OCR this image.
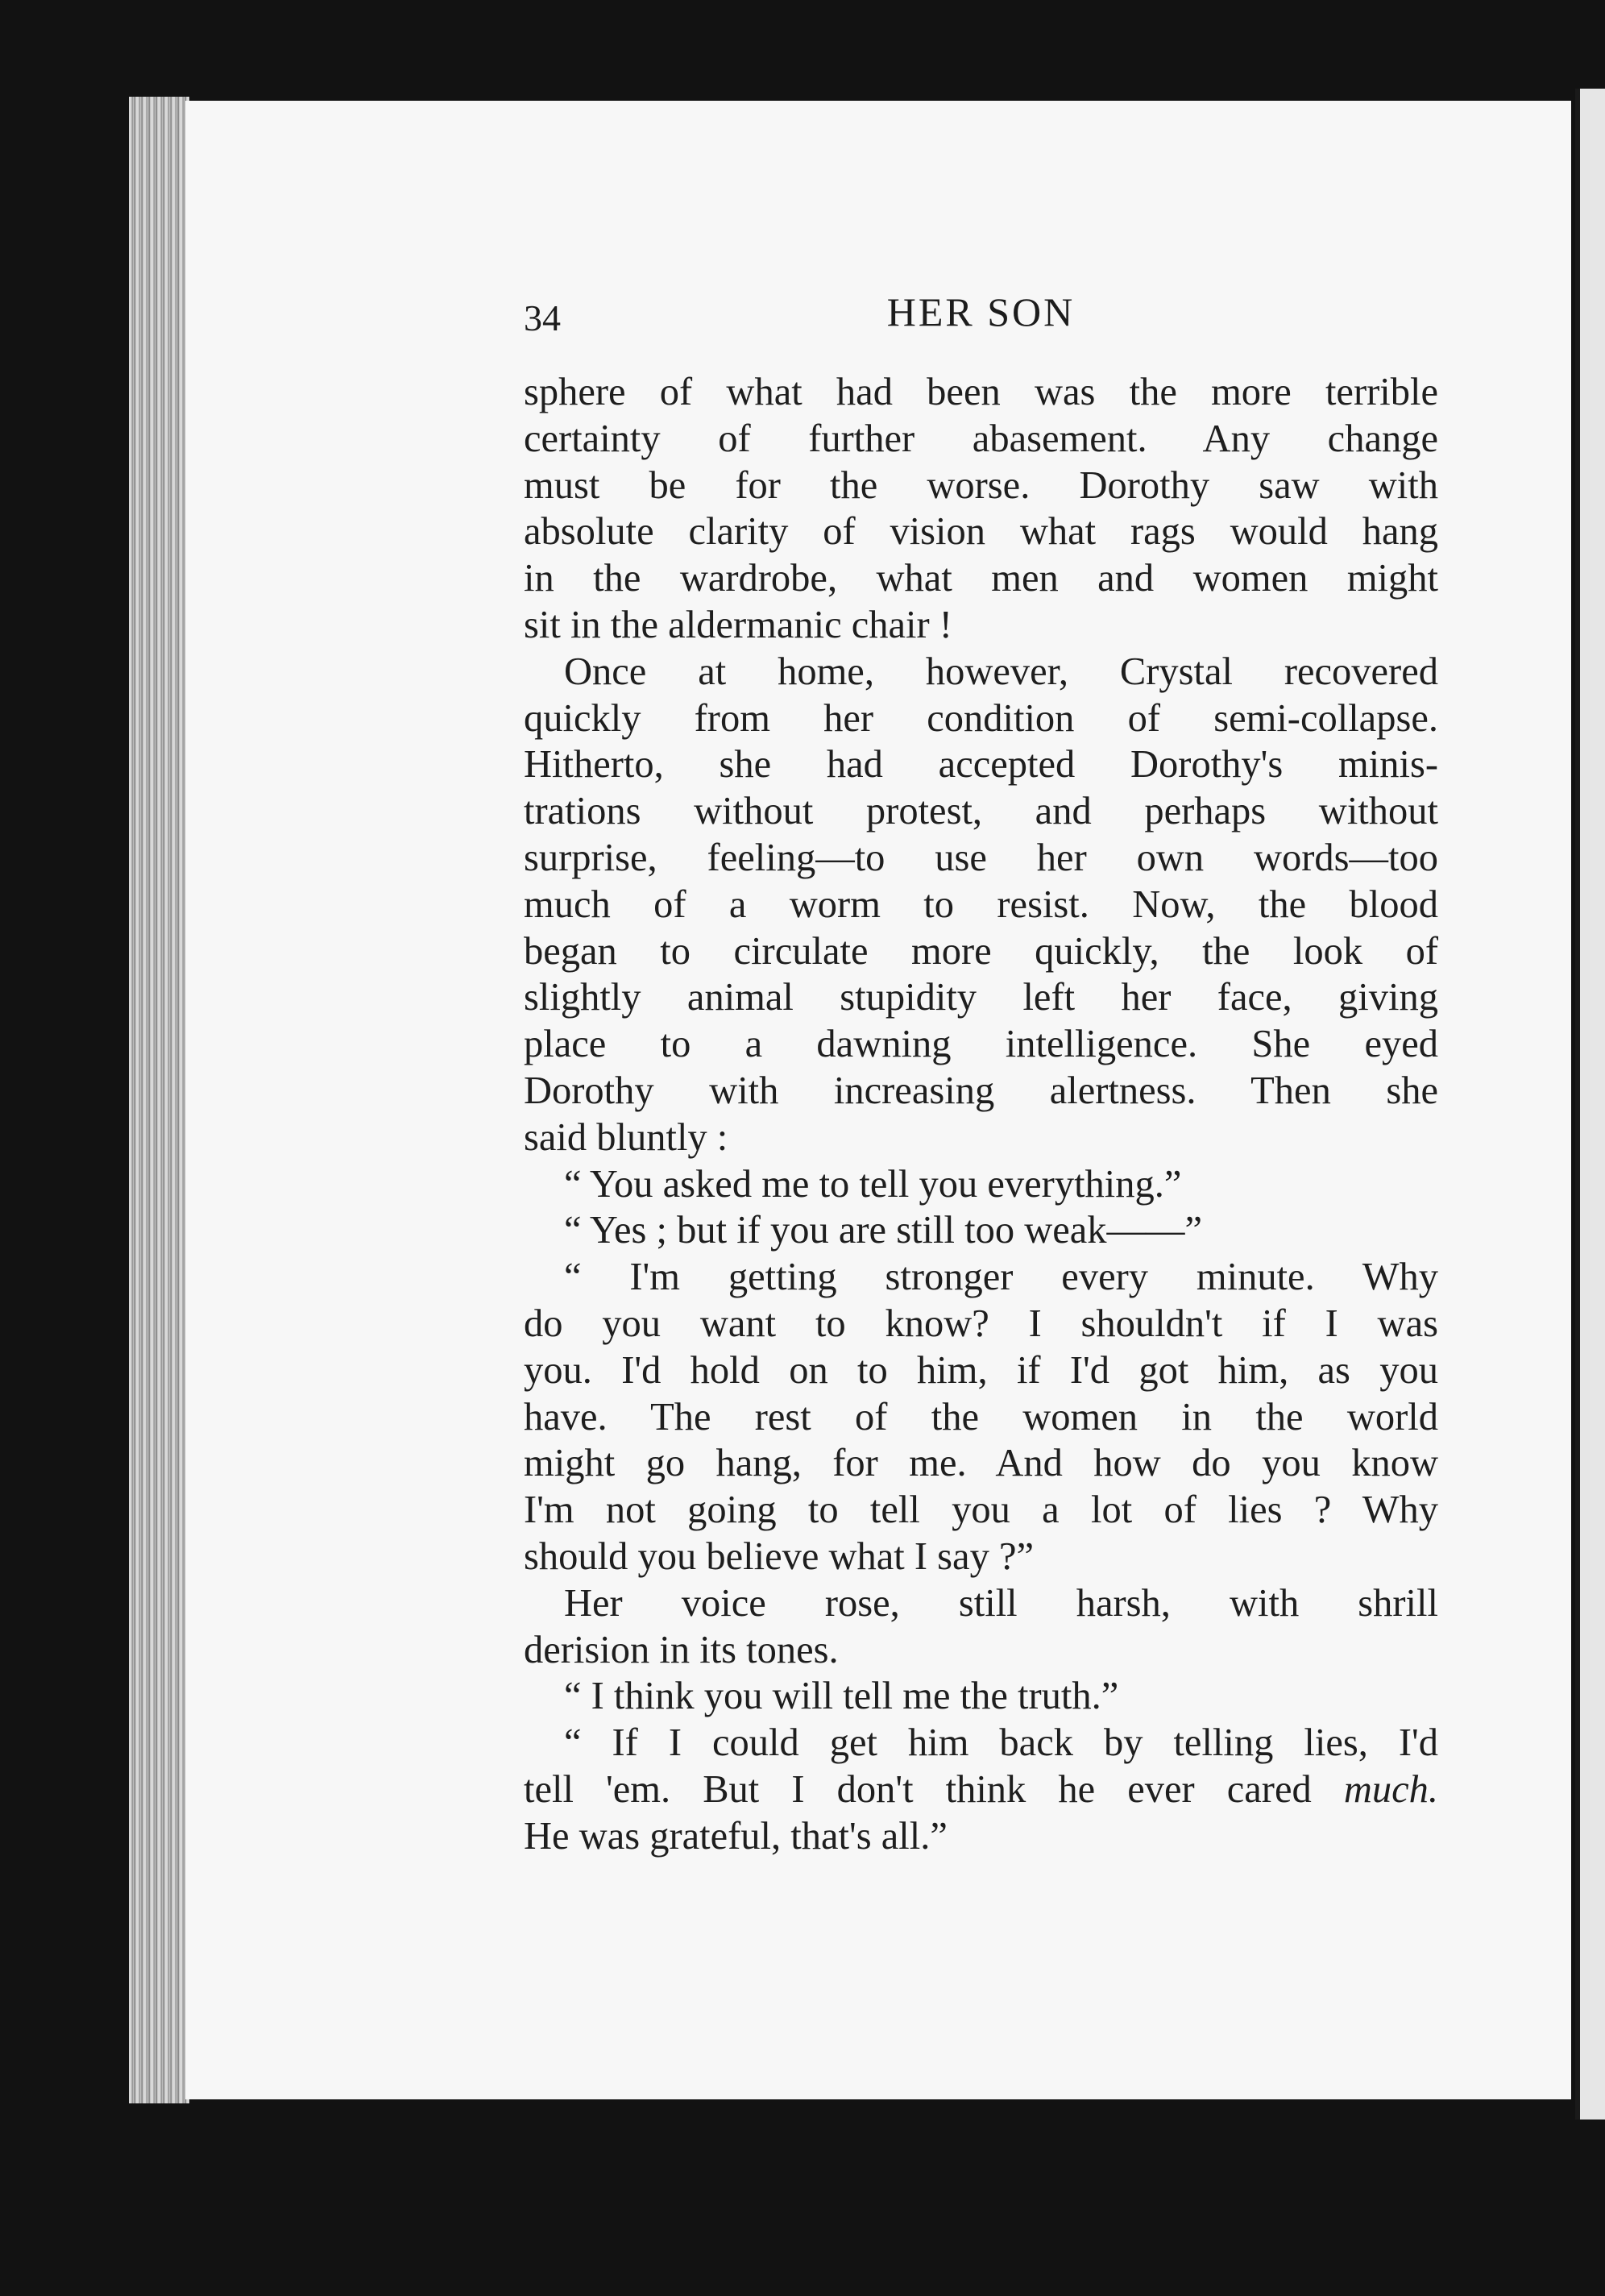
34	HER SON
sphere of what had been was the more terrible
certainty of further abasement. Any change
must be for the worse. Dorothy saw with
absolute clarity of vision what rags would hang
in the wardrobe, what men and women might
sit in the aldermanic chair !
Once at home, however, Crystal recovered
quickly from her condition of semi-collapse.
Hitherto, she had accepted Dorothy's minis-
trations without protest, and perhaps without
surprise, feeling—to use her own words—too
much of a worm to resist. Now, the blood
began to circulate more quickly, the look of
slightly animal stupidity left her face, giving
place to a dawning intelligence. She eyed
Dorothy with increasing alertness. Then she
said bluntly :
“ You asked me to tell you everything.”
“ Yes ; but if you are still too weak——”
“ I'm getting stronger every minute. Why
do you want to know? I shouldn't if I was
you. I'd hold on to him, if I'd got him, as you
have. The rest of the women in the world
might go hang, for me. And how do you know
I'm not going to tell you a lot of lies ? Why
should you believe what I say ?”
Her voice rose, still harsh, with shrill
derision in its tones.
“ I think you will tell me the truth.”
“ If I could get him back by telling lies, I'd
tell 'em. But I don't think he ever cared much.
He was grateful, that's all.”
